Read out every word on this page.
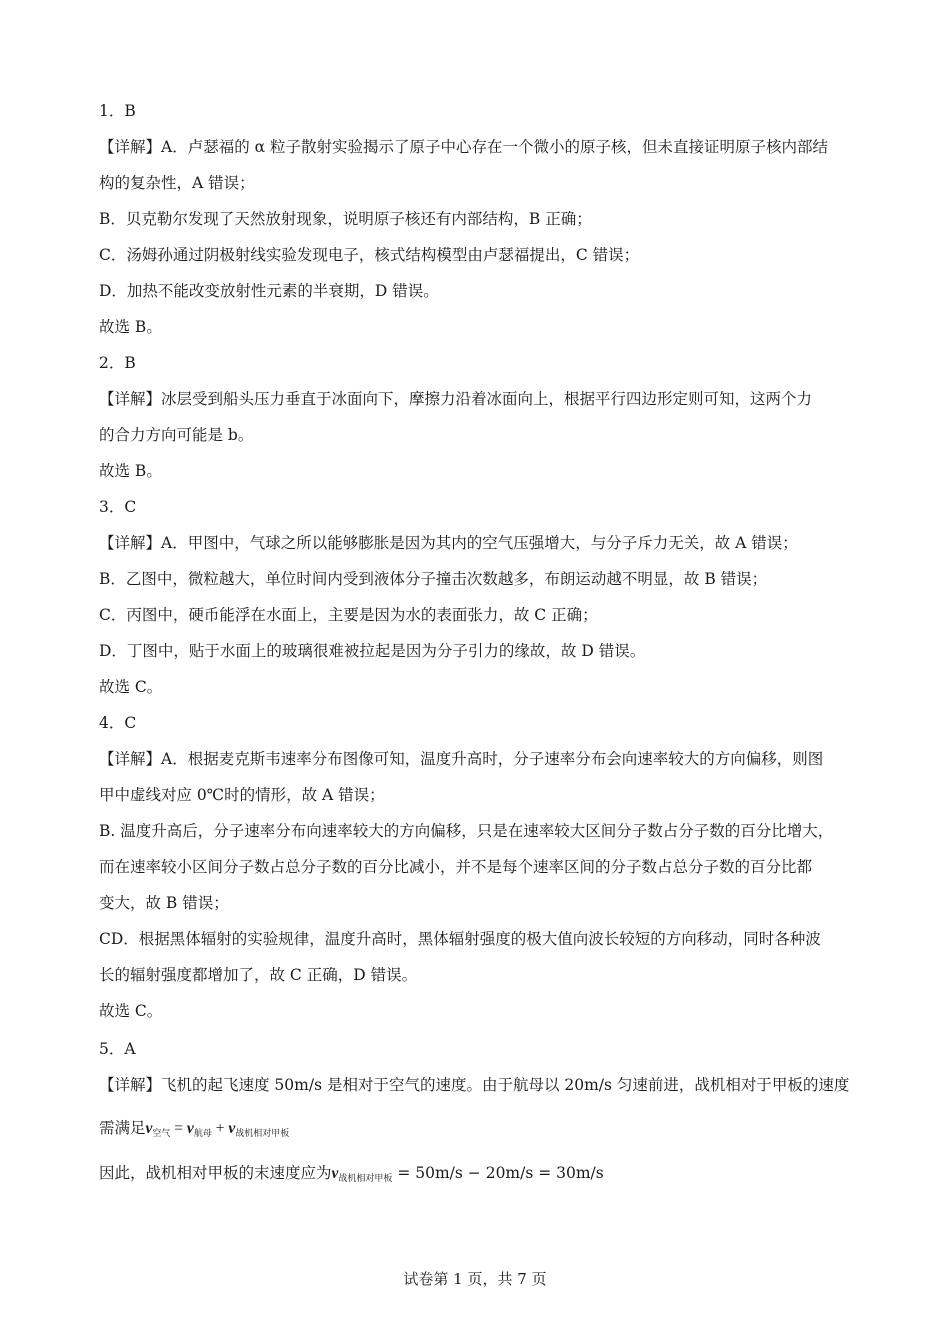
1．B
【详解】A．卢瑟福的 α 粒子散射实验揭示了原子中心存在一个微小的原子核，但未直接证明原子核内部结
构的复杂性，A 错误；
B．贝克勒尔发现了天然放射现象，说明原子核还有内部结构，B 正确；
C．汤姆孙通过阴极射线实验发现电子，核式结构模型由卢瑟福提出，C 错误；
D．加热不能改变放射性元素的半衰期，D 错误。
故选 B。
2．B
【详解】冰层受到船头压力垂直于冰面向下，摩擦力沿着冰面向上，根据平行四边形定则可知，这两个力
的合力方向可能是 b。
故选 B。
3．C
【详解】A．甲图中，气球之所以能够膨胀是因为其内的空气压强增大，与分子斥力无关，故 A 错误；
B．乙图中，微粒越大，单位时间内受到液体分子撞击次数越多，布朗运动越不明显，故 B 错误；
C．丙图中，硬币能浮在水面上，主要是因为水的表面张力，故 C 正确；
D．丁图中，贴于水面上的玻璃很难被拉起是因为分子引力的缘故，故 D 错误。
故选 C。
4．C
【详解】A．根据麦克斯韦速率分布图像可知，温度升高时，分子速率分布会向速率较大的方向偏移，则图
甲中虚线对应 0℃时的情形，故 A 错误；
B. 温度升高后，分子速率分布向速率较大的方向偏移，只是在速率较大区间分子数占分子数的百分比增大，
而在速率较小区间分子数占总分子数的百分比减小，并不是每个速率区间的分子数占总分子数的百分比都
变大，故 B 错误；
CD．根据黑体辐射的实验规律，温度升高时，黑体辐射强度的极大值向波长较短的方向移动，同时各种波
长的辐射强度都增加了，故 C 正确，D 错误。
故选 C。
5．A
【详解】飞机的起飞速度 50m/s 是相对于空气的速度。由于航母以 20m/s 匀速前进，战机相对于甲板的速度
需满足$v_{空气} = v_{航母} + v_{战机相对甲板}$
因此，战机相对甲板的末速度应为$v_{战机相对甲板} = 50m/s - 20m/s = 30m/s$
试卷第 1 页，共 7 页
